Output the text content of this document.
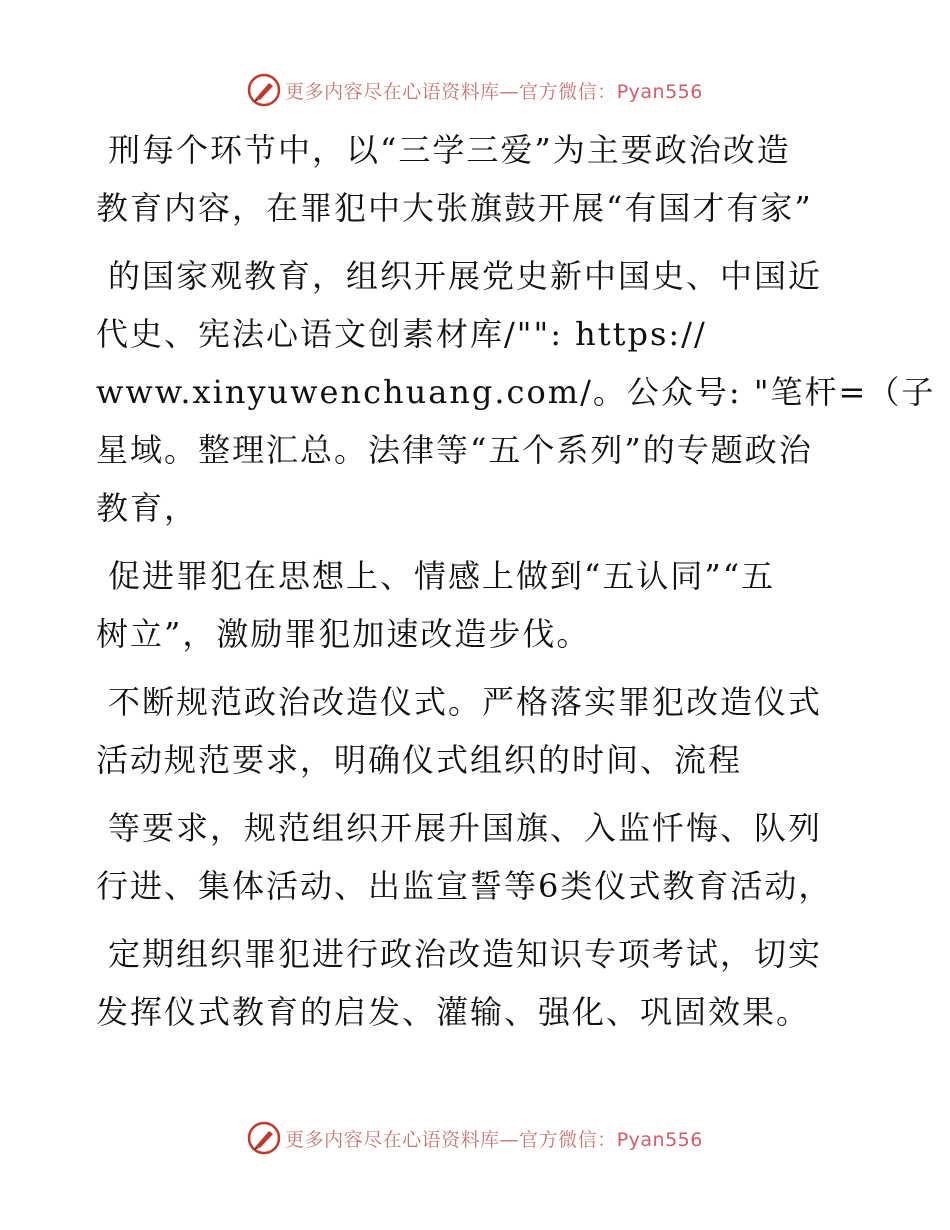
更多内容尽在心语资料库—官方微信：Pyan556
刑每个环节中，以“三学三爱”为主要政治改造
教育内容，在罪犯中大张旗鼓开展“有国才有家”
的国家观教育，组织开展党史新中国史、中国近
代史、宪法心语文创素材库/"": https://
www.xinyuwenchuang.com/。公众号: "笔杆=（子
星域。整理汇总。法律等“五个系列”的专题政治
教育，
促进罪犯在思想上、情感上做到“五认同”“五
树立”，激励罪犯加速改造步伐。
不断规范政治改造仪式。严格落实罪犯改造仪式
活动规范要求，明确仪式组织的时间、流程
等要求，规范组织开展升国旗、入监忏悔、队列
行进、集体活动、出监宣誓等6类仪式教育活动，
定期组织罪犯进行政治改造知识专项考试，切实
发挥仪式教育的启发、灌输、强化、巩固效果。
更多内容尽在心语资料库—官方微信：Pyan556
